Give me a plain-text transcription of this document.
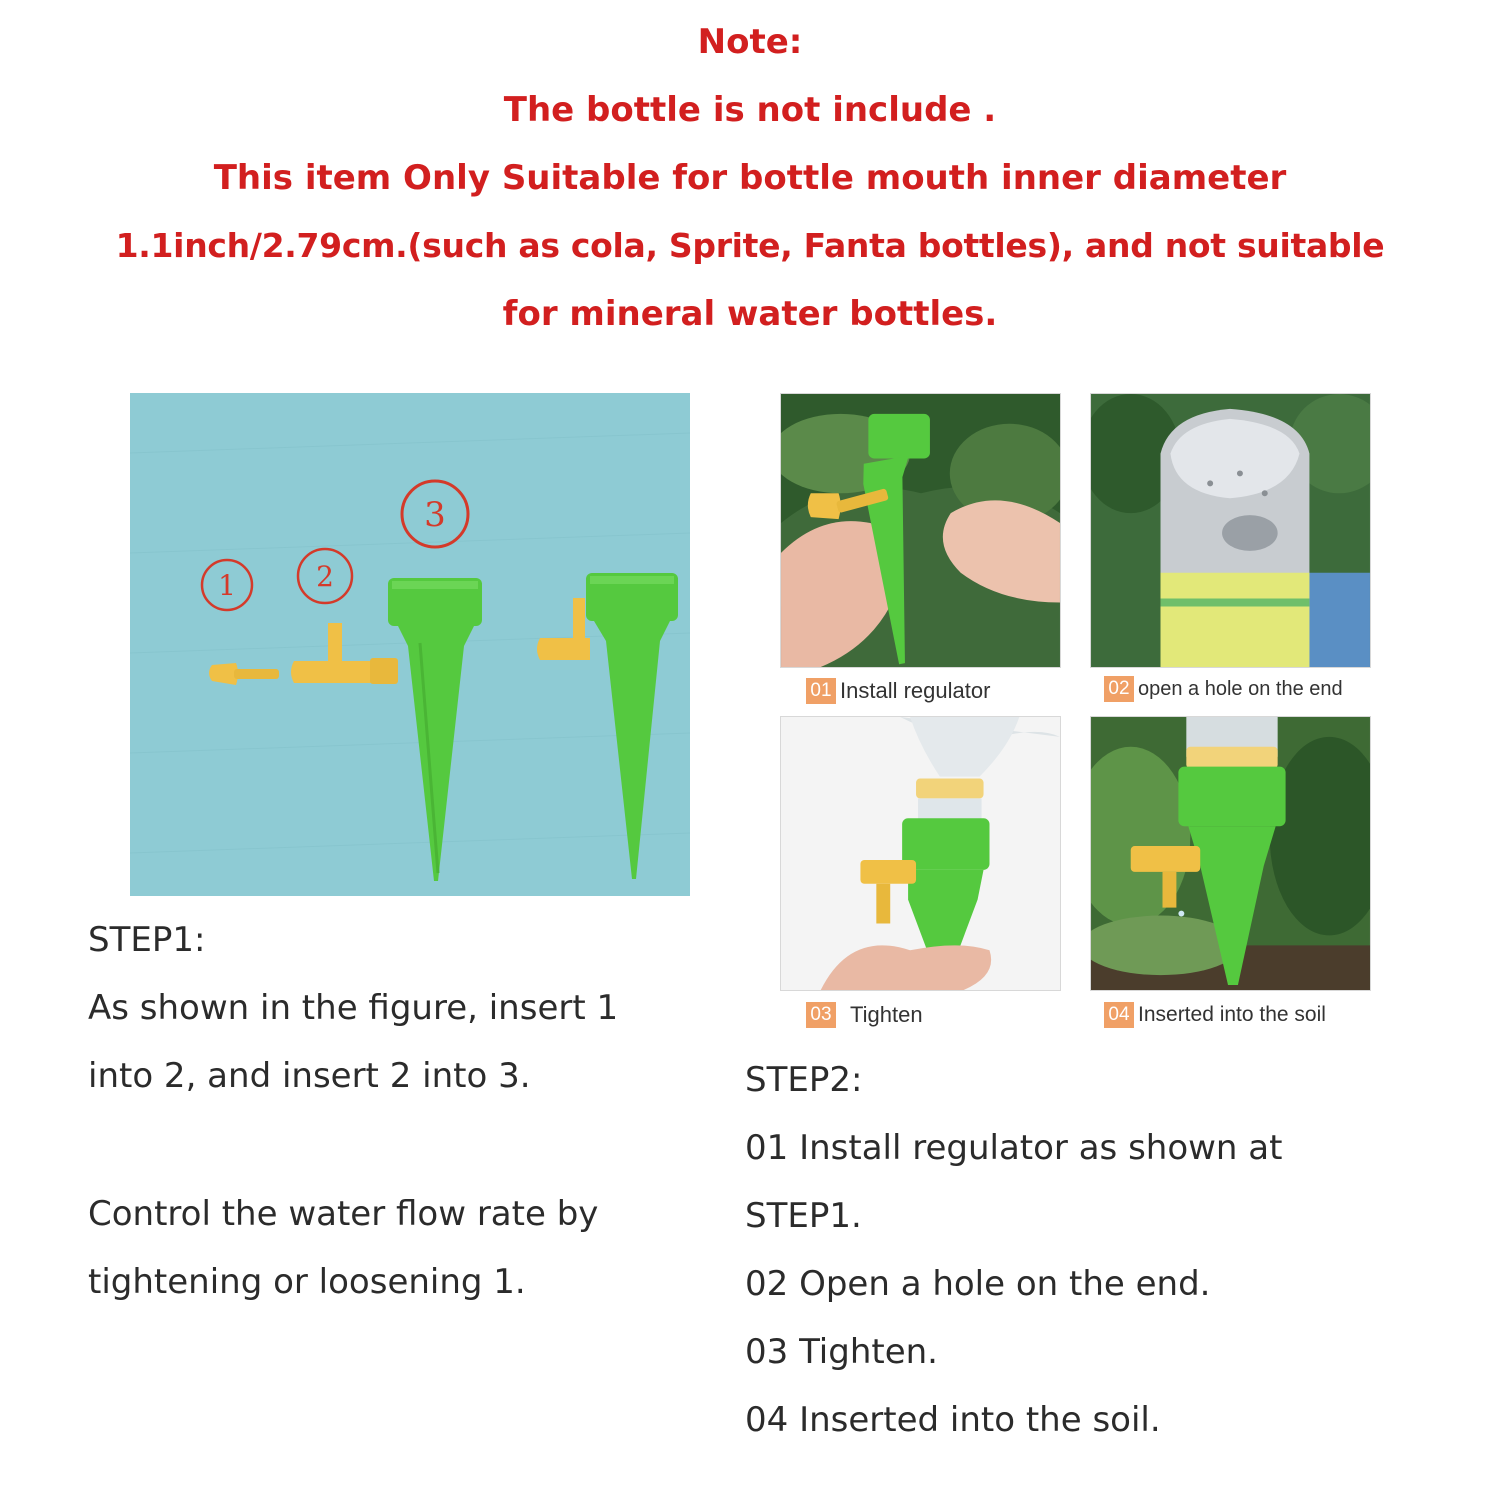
Note:
The bottle is not include .
This item Only Suitable for bottle mouth inner diameter
1.1inch/2.79cm.(such as cola, Sprite, Fanta bottles), and not suitable
for mineral water bottles.
1	2
3
01 Install regulator	02 open a hole on the end
03 Tighten	04 Inserted into the soil
STEP1:
As shown in the figure, insert 1
into 2, and insert 2 into 3.
Control the water flow rate by
tightening or loosening 1.
STEP2:
01 Install regulator as shown at
STEP1.
02 Open a hole on the end.
03 Tighten.
04 Inserted into the soil.
